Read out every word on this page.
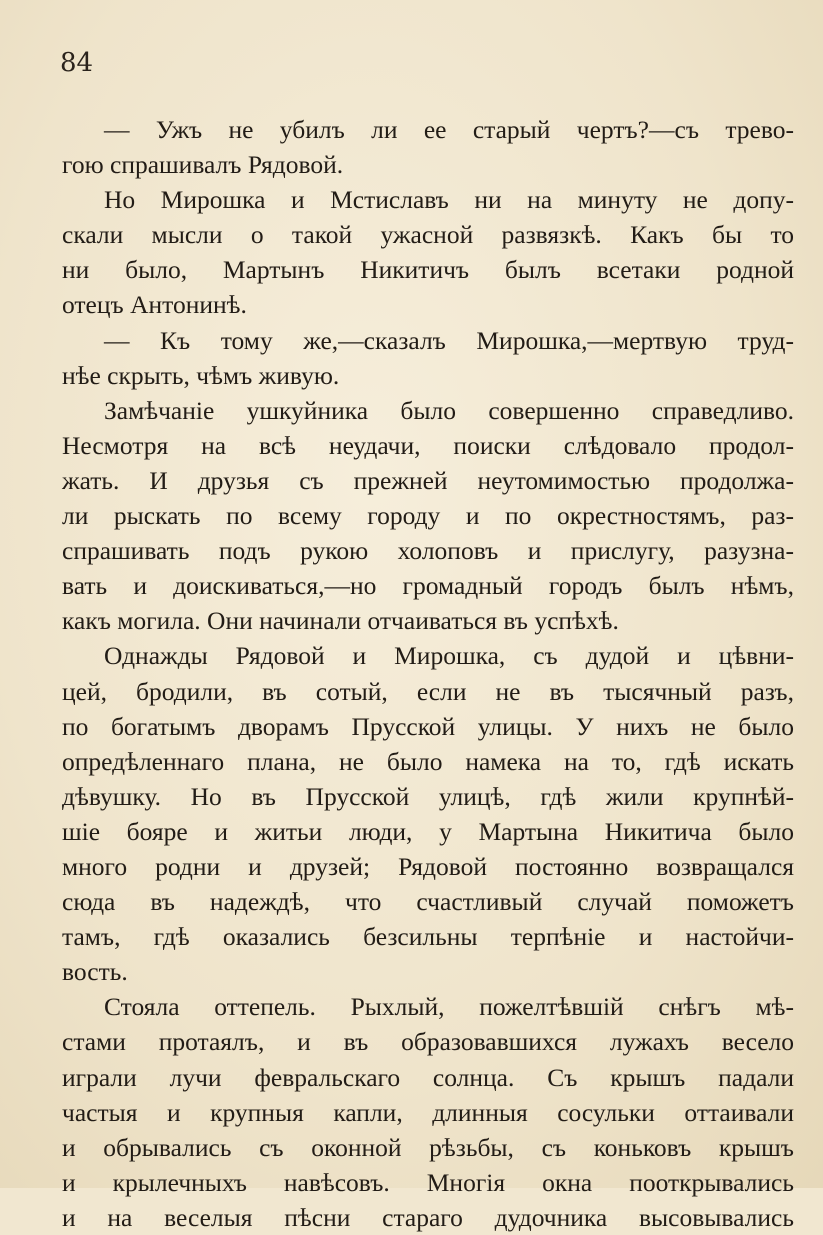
84
— Ужъ не убилъ ли ее старый чертъ?—съ трево-
гою спрашивалъ Рядовой.
Но Мирошка и Мстиславъ ни на минуту не допу-
скали мысли о такой ужасной развязкѣ. Какъ бы то
ни было, Мартынъ Никитичъ былъ всетаки родной
отецъ Антонинѣ.
— Къ тому же,—сказалъ Мирошка,—мертвую труд-
нѣе скрыть, чѣмъ живую.
Замѣчаніе ушкуйника было совершенно справедливо.
Несмотря на всѣ неудачи, поиски слѣдовало продол-
жать. И друзья съ прежней неутомимостью продолжа-
ли рыскать по всему городу и по окрестностямъ, раз-
спрашивать подъ рукою холоповъ и прислугу, разузна-
вать и доискиваться,—но громадный городъ былъ нѣмъ,
какъ могила. Они начинали отчаиваться въ успѣхѣ.
Однажды Рядовой и Мирошка, съ дудой и цѣвни-
цей, бродили, въ сотый, если не въ тысячный разъ,
по богатымъ дворамъ Прусской улицы. У нихъ не было
опредѣленнаго плана, не было намека на то, гдѣ искать
дѣвушку. Но въ Прусской улицѣ, гдѣ жили крупнѣй-
шіе бояре и житьи люди, у Мартына Никитича было
много родни и друзей; Рядовой постоянно возвращался
сюда въ надеждѣ, что счастливый случай поможетъ
тамъ, гдѣ оказались безсильны терпѣніе и настойчи-
вость.
Стояла оттепель. Рыхлый, пожелтѣвшій снѣгъ мѣ-
стами протаялъ, и въ образовавшихся лужахъ весело
играли лучи февральскаго солнца. Съ крышъ падали
частыя и крупныя капли, длинныя сосульки оттаивали
и обрывались съ оконной рѣзьбы, съ коньковъ крышъ
и крылечныхъ навѣсовъ. Многія окна пооткрывались
и на веселыя пѣсни стараго дудочника высовывались
